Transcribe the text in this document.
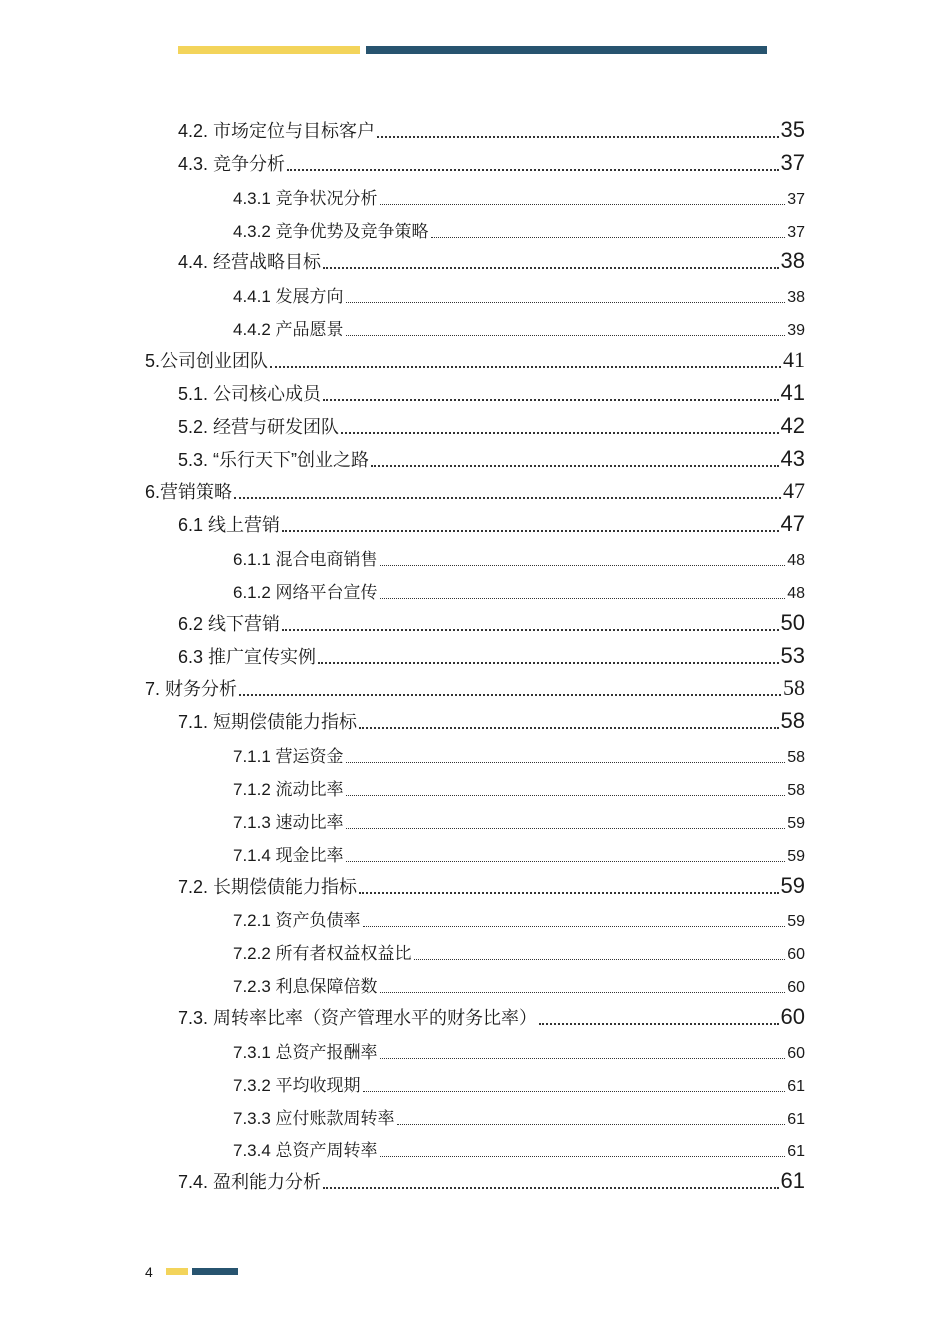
4.2. 市场定位与目标客户	35
4.3. 竞争分析	37
4.3.1 竞争状况分析	37
4.3.2 竞争优势及竞争策略	37
4.4. 经营战略目标	38
4.4.1 发展方向	38
4.4.2 产品愿景	39
5.公司创业团队	41
5.1. 公司核心成员	41
5.2. 经营与研发团队	42
5.3. “乐行天下”创业之路	43
6.营销策略	47
6.1 线上营销	47
6.1.1 混合电商销售	48
6.1.2 网络平台宣传	48
6.2 线下营销	50
6.3 推广宣传实例	53
7. 财务分析	58
7.1. 短期偿债能力指标	58
7.1.1 营运资金	58
7.1.2 流动比率	58
7.1.3 速动比率	59
7.1.4 现金比率	59
7.2. 长期偿债能力指标	59
7.2.1 资产负债率	59
7.2.2 所有者权益权益比	60
7.2.3 利息保障倍数	60
7.3. 周转率比率（资产管理水平的财务比率）	60
7.3.1 总资产报酬率	60
7.3.2 平均收现期	61
7.3.3 应付账款周转率	61
7.3.4 总资产周转率	61
7.4. 盈利能力分析	61
4
